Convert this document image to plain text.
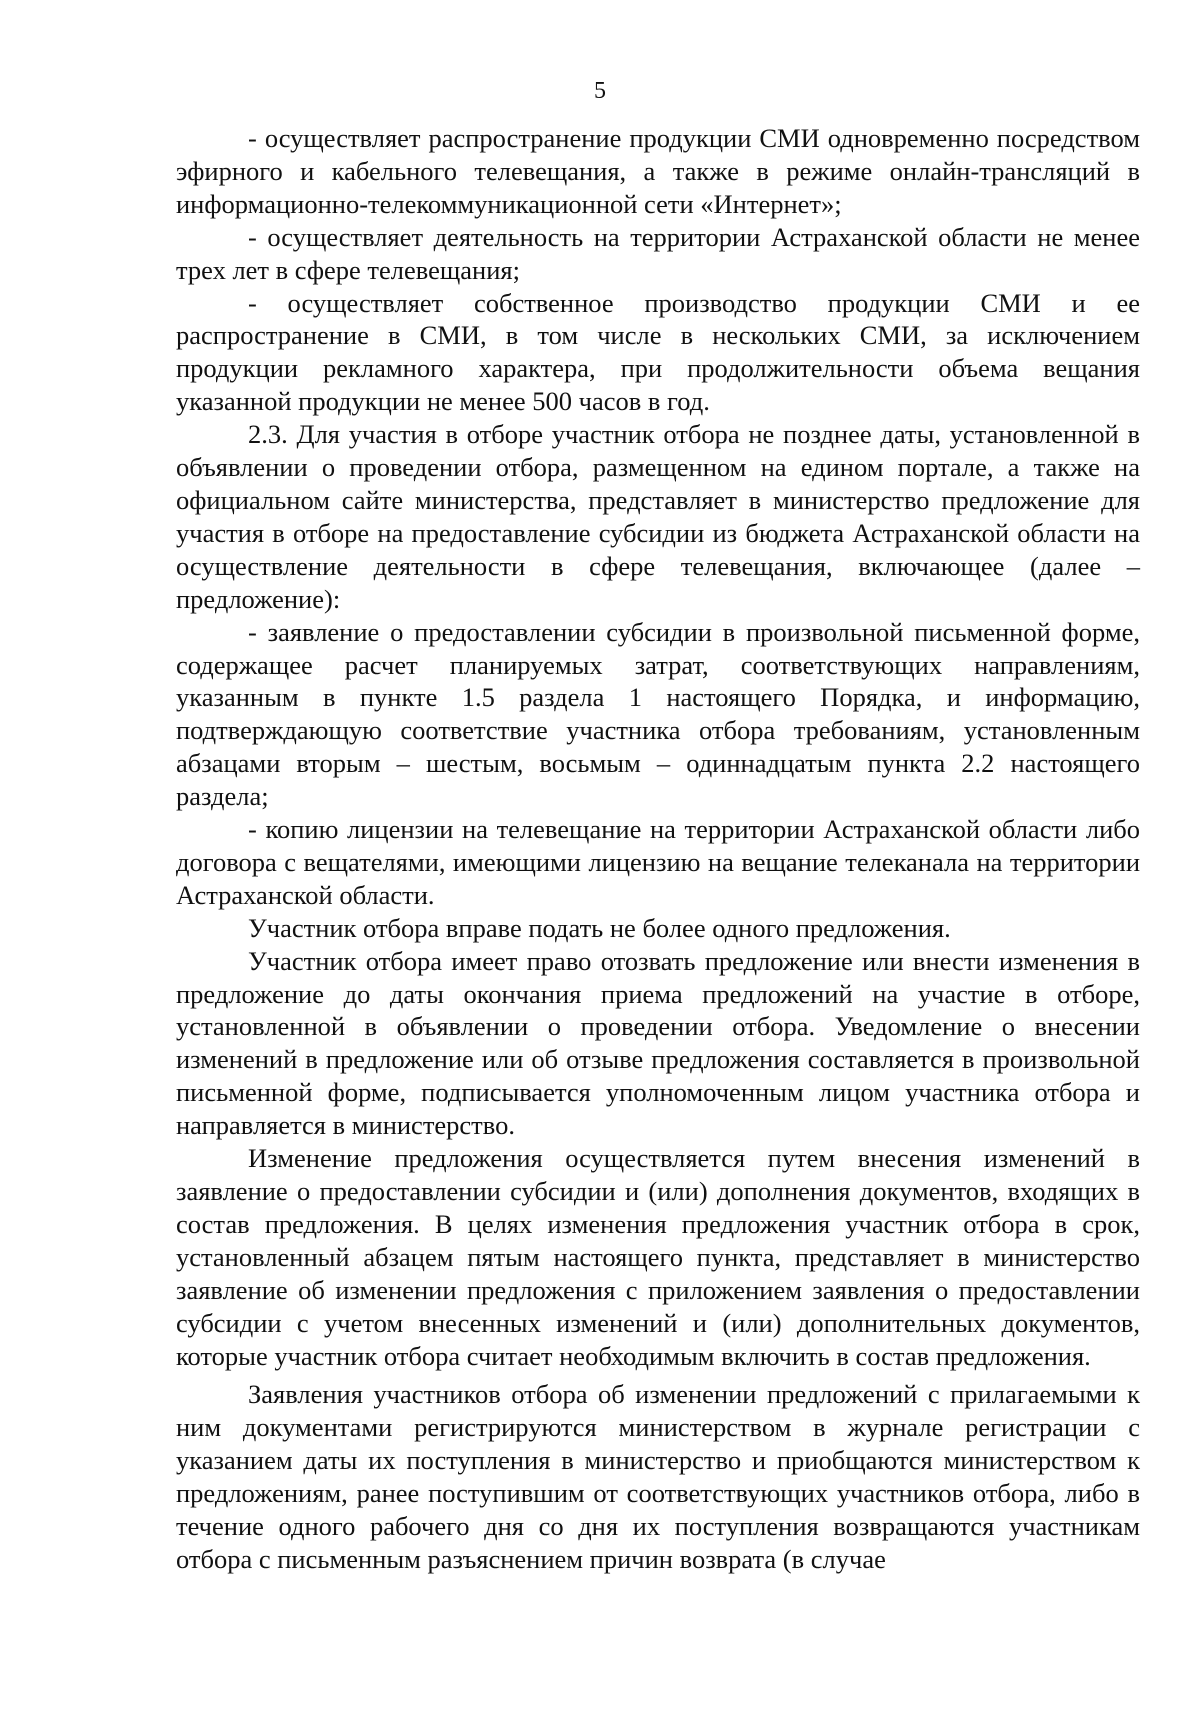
5

- осуществляет распространение продукции СМИ одновременно посредством эфирного и кабельного телевещания, а также в режиме онлайн-трансляций в информационно-телекоммуникационной сети «Интернет»;

- осуществляет деятельность на территории Астраханской области не менее трех лет в сфере телевещания;

- осуществляет собственное производство продукции СМИ и ее распространение в СМИ, в том числе в нескольких СМИ, за исключением продукции рекламного характера, при продолжительности объема вещания указанной продукции не менее 500 часов в год.

2.3. Для участия в отборе участник отбора не позднее даты, установленной в объявлении о проведении отбора, размещенном на едином портале, а также на официальном сайте министерства, представляет в министерство предложение для участия в отборе на предоставление субсидии из бюджета Астраханской области на осуществление деятельности в сфере телевещания, включающее (далее – предложение):

- заявление о предоставлении субсидии в произвольной письменной форме, содержащее расчет планируемых затрат, соответствующих направлениям, указанным в пункте 1.5 раздела 1 настоящего Порядка, и информацию, подтверждающую соответствие участника отбора требованиям, установленным абзацами вторым – шестым, восьмым – одиннадцатым пункта 2.2 настоящего раздела;

- копию лицензии на телевещание на территории Астраханской области либо договора с вещателями, имеющими лицензию на вещание телеканала на территории Астраханской области.

Участник отбора вправе подать не более одного предложения.

Участник отбора имеет право отозвать предложение или внести изменения в предложение до даты окончания приема предложений на участие в отборе, установленной в объявлении о проведении отбора. Уведомление о внесении изменений в предложение или об отзыве предложения составляется в произвольной письменной форме, подписывается уполномоченным лицом участника отбора и направляется в министерство.

Изменение предложения осуществляется путем внесения изменений в заявление о предоставлении субсидии и (или) дополнения документов, входящих в состав предложения. В целях изменения предложения участник отбора в срок, установленный абзацем пятым настоящего пункта, представляет в министерство заявление об изменении предложения с приложением заявления о предоставлении субсидии с учетом внесенных изменений и (или) дополнительных документов, которые участник отбора считает необходимым включить в состав предложения.

Заявления участников отбора об изменении предложений с прилагаемыми к ним документами регистрируются министерством в журнале регистрации с указанием даты их поступления в министерство и приобщаются министерством к предложениям, ранее поступившим от соответствующих участников отбора, либо в течение одного рабочего дня со дня их поступления возвращаются участникам отбора с письменным разъяснением причин возврата (в случае
